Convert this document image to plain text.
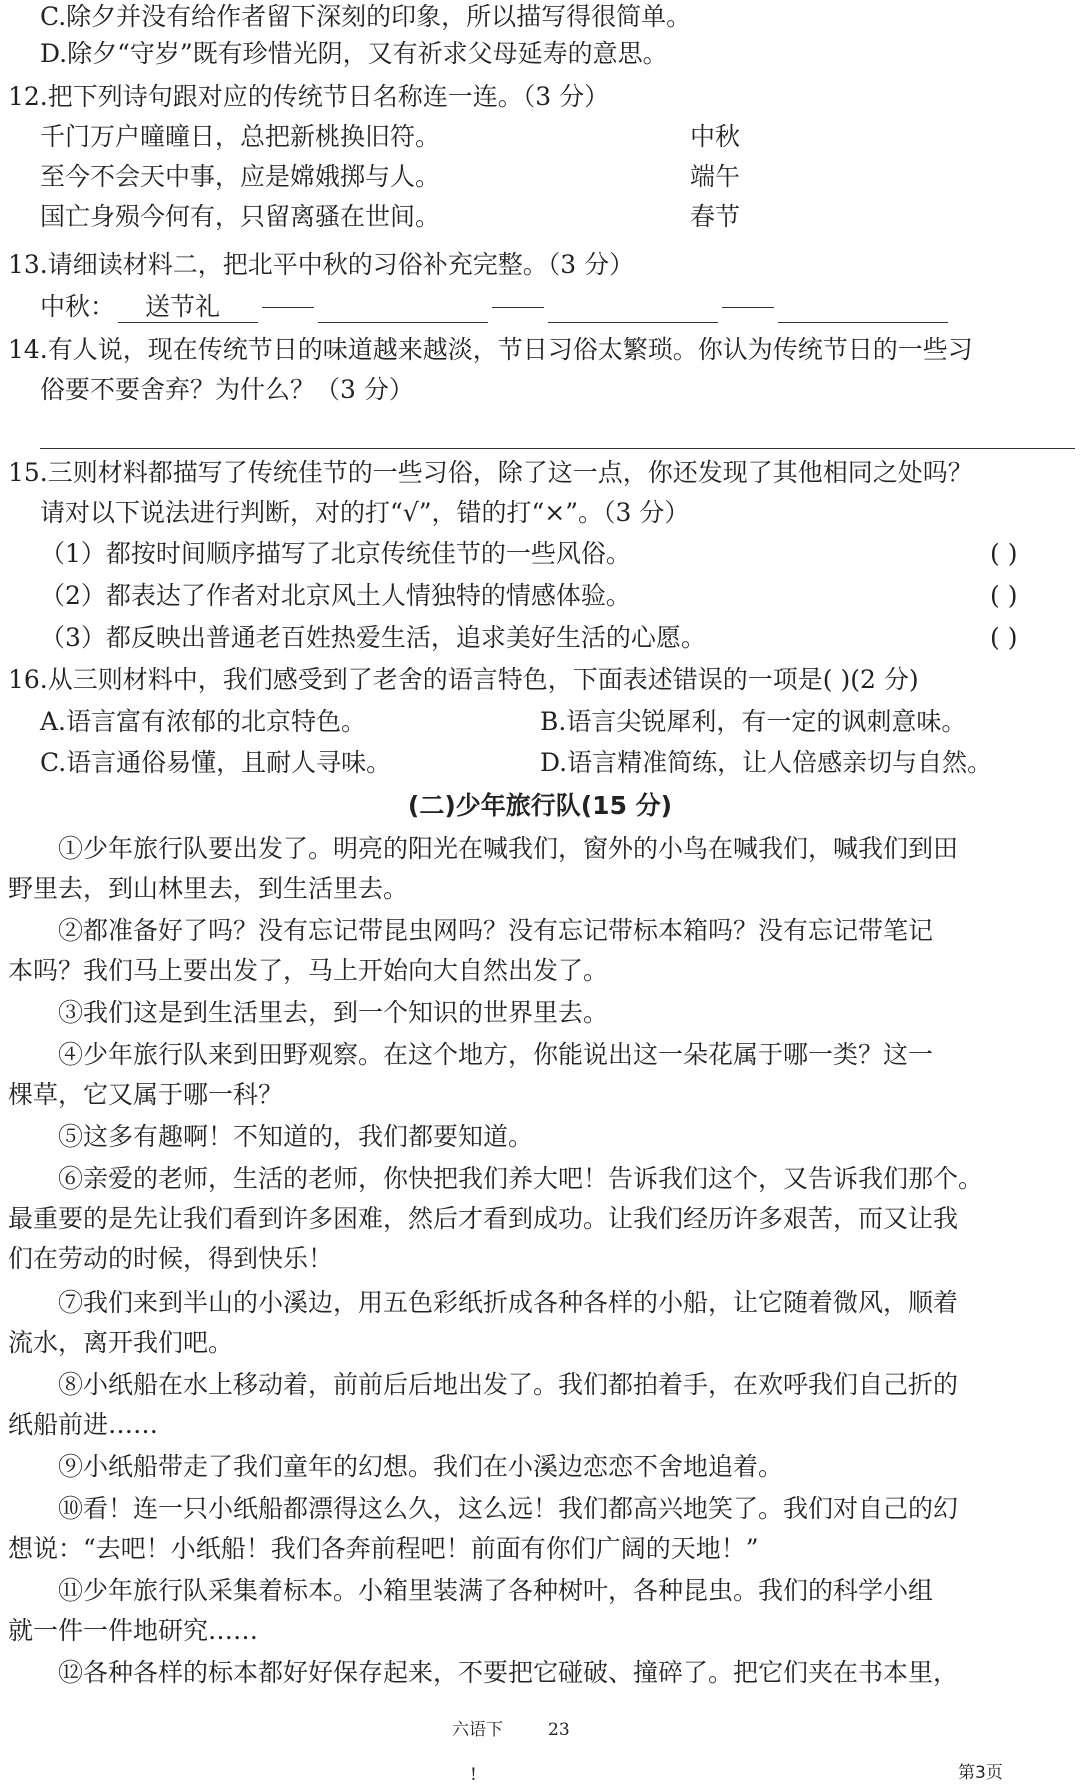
C.除夕并没有给作者留下深刻的印象，所以描写得很简单。
D.除夕“守岁”既有珍惜光阴，又有祈求父母延寿的意思。
12.把下列诗句跟对应的传统节日名称连一连。（3 分）
千门万户曈曈日，总把新桃换旧符。	中秋
至今不会天中事，应是嫦娥掷与人。	端午
国亡身殒今何有，只留离骚在世间。	春节
13.请细读材料二，把北平中秋的习俗补充完整。（3 分）
中秋： 送节礼
14.有人说，现在传统节日的味道越来越淡，节日习俗太繁琐。你认为传统节日的一些习
俗要不要舍弃？为什么？（3 分）
15.三则材料都描写了传统佳节的一些习俗，除了这一点，你还发现了其他相同之处吗？
请对以下说法进行判断，对的打“√”，错的打“×”。（3 分）
（1）都按时间顺序描写了北京传统佳节的一些风俗。	( )
（2）都表达了作者对北京风土人情独特的情感体验。	( )
（3）都反映出普通老百姓热爱生活，追求美好生活的心愿。	( )
16.从三则材料中，我们感受到了老舍的语言特色，下面表述错误的一项是( )(2 分)
A.语言富有浓郁的北京特色。	B.语言尖锐犀利，有一定的讽刺意味。
C.语言通俗易懂，且耐人寻味。	D.语言精准简练，让人倍感亲切与自然。
(二)少年旅行队(15 分)
①少年旅行队要出发了。明亮的阳光在喊我们，窗外的小鸟在喊我们，喊我们到田
野里去，到山林里去，到生活里去。
②都准备好了吗？没有忘记带昆虫网吗？没有忘记带标本箱吗？没有忘记带笔记
本吗？我们马上要出发了，马上开始向大自然出发了。
③我们这是到生活里去，到一个知识的世界里去。
④少年旅行队来到田野观察。在这个地方，你能说出这一朵花属于哪一类？这一
棵草，它又属于哪一科？
⑤这多有趣啊！不知道的，我们都要知道。
⑥亲爱的老师，生活的老师，你快把我们养大吧！告诉我们这个，又告诉我们那个。
最重要的是先让我们看到许多困难，然后才看到成功。让我们经历许多艰苦，而又让我
们在劳动的时候，得到快乐！
⑦我们来到半山的小溪边，用五色彩纸折成各种各样的小船，让它随着微风，顺着
流水，离开我们吧。
⑧小纸船在水上移动着，前前后后地出发了。我们都拍着手，在欢呼我们自己折的
纸船前进……
⑨小纸船带走了我们童年的幻想。我们在小溪边恋恋不舍地追着。
⑩看！连一只小纸船都漂得这么久，这么远！我们都高兴地笑了。我们对自己的幻
想说：“去吧！小纸船！我们各奔前程吧！前面有你们广阔的天地！”
⑪少年旅行队采集着标本。小箱里装满了各种树叶，各种昆虫。我们的科学小组
就一件一件地研究……
⑫各种各样的标本都好好保存起来，不要把它碰破、撞碎了。把它们夹在书本里，
六语下	23
!	第3页
